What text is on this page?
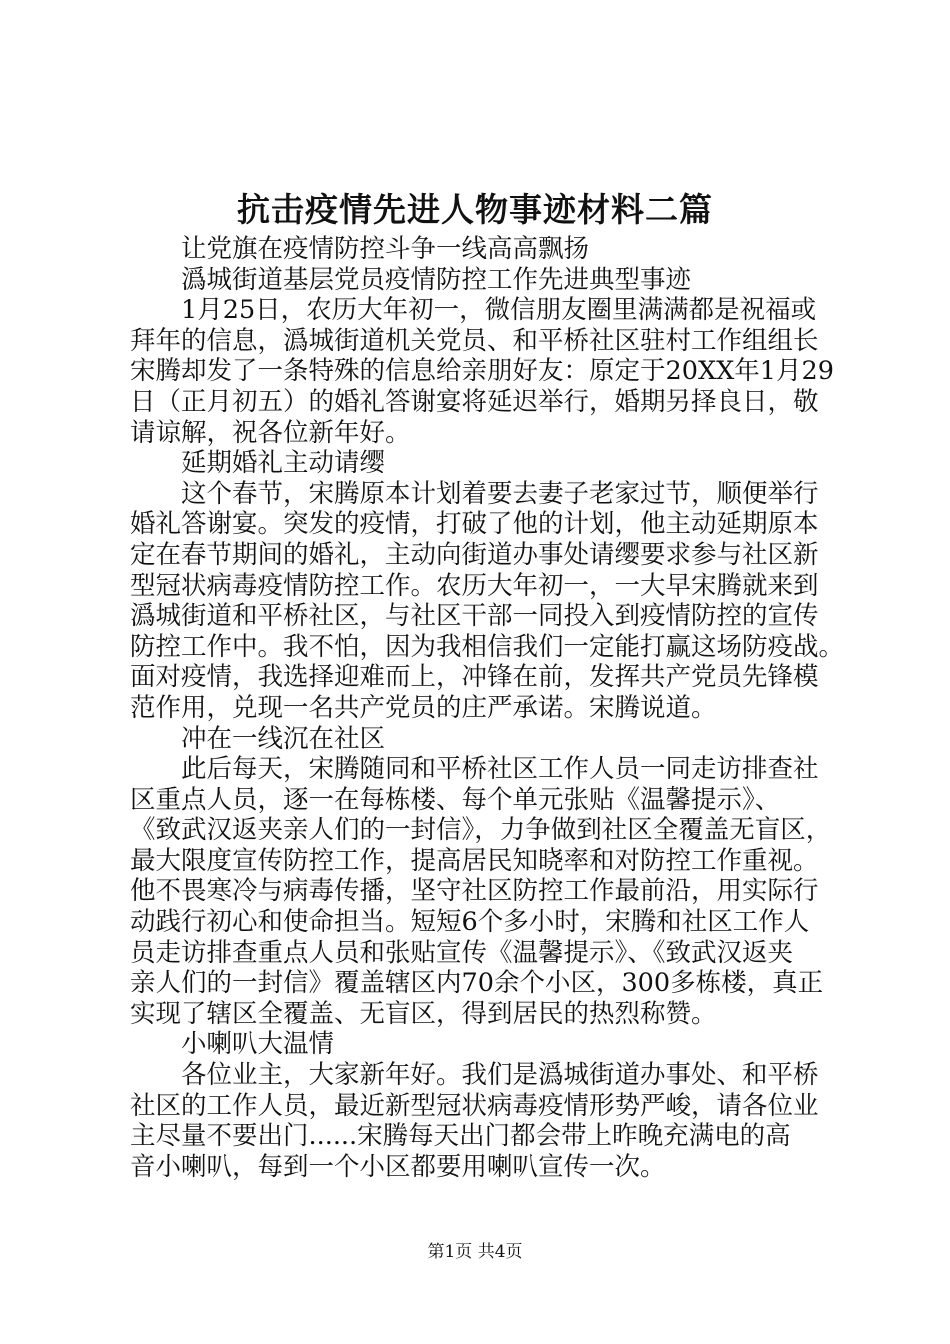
抗击疫情先进人物事迹材料二篇
让党旗在疫情防控斗争一线高高飘扬
潙城街道基层党员疫情防控工作先进典型事迹
1月25日，农历大年初一，微信朋友圈里满满都是祝福或
拜年的信息，潙城街道机关党员、和平桥社区驻村工作组组长
宋腾却发了一条特殊的信息给亲朋好友：原定于20XX年1月29
日（正月初五）的婚礼答谢宴将延迟举行，婚期另择良日，敬
请谅解，祝各位新年好。
延期婚礼主动请缨
这个春节，宋腾原本计划着要去妻子老家过节，顺便举行
婚礼答谢宴。突发的疫情，打破了他的计划，他主动延期原本
定在春节期间的婚礼，主动向街道办事处请缨要求参与社区新
型冠状病毒疫情防控工作。农历大年初一，一大早宋腾就来到
潙城街道和平桥社区，与社区干部一同投入到疫情防控的宣传
防控工作中。我不怕，因为我相信我们一定能打赢这场防疫战。
面对疫情，我选择迎难而上，冲锋在前，发挥共产党员先锋模
范作用，兑现一名共产党员的庄严承诺。宋腾说道。
冲在一线沉在社区
此后每天，宋腾随同和平桥社区工作人员一同走访排查社
区重点人员，逐一在每栋楼、每个单元张贴《温馨提示》、
《致武汉返夹亲人们的一封信》，力争做到社区全覆盖无盲区，
最大限度宣传防控工作，提高居民知晓率和对防控工作重视。
他不畏寒冷与病毒传播，坚守社区防控工作最前沿，用实际行
动践行初心和使命担当。短短6个多小时，宋腾和社区工作人
员走访排查重点人员和张贴宣传《温馨提示》、《致武汉返夹
亲人们的一封信》覆盖辖区内70余个小区，300多栋楼，真正
实现了辖区全覆盖、无盲区，得到居民的热烈称赞。
小喇叭大温情
各位业主，大家新年好。我们是潙城街道办事处、和平桥
社区的工作人员，最近新型冠状病毒疫情形势严峻，请各位业
主尽量不要出门......宋腾每天出门都会带上昨晚充满电的高
音小喇叭，每到一个小区都要用喇叭宣传一次。
第1页 共4页
